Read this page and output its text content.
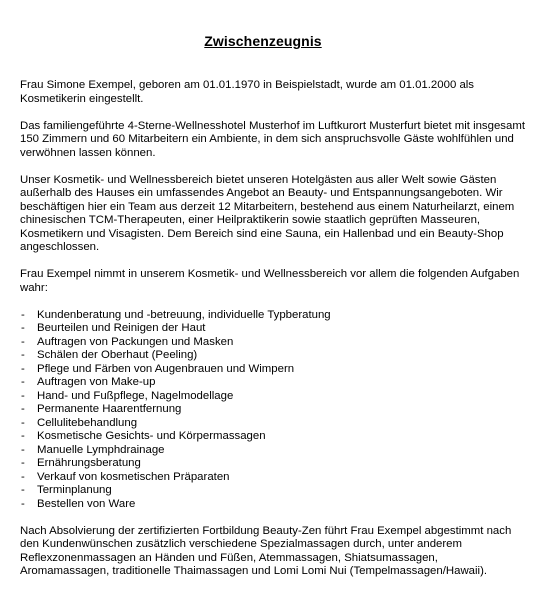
Zwischenzeugnis

Frau Simone Exempel, geboren am 01.01.1970 in Beispielstadt, wurde am 01.01.2000 als Kosmetikerin eingestellt.

Das familiengeführte 4-Sterne-Wellnesshotel Musterhof im Luftkurort Musterfurt bietet mit insgesamt 150 Zimmern und 60 Mitarbeitern ein Ambiente, in dem sich anspruchsvolle Gäste wohlfühlen und verwöhnen lassen können.

Unser Kosmetik- und Wellnessbereich bietet unseren Hotelgästen aus aller Welt sowie Gästen außerhalb des Hauses ein umfassendes Angebot an Beauty- und Entspannungsangeboten. Wir beschäftigen hier ein Team aus derzeit 12 Mitarbeitern, bestehend aus einem Naturheilarzt, einem chinesischen TCM-Therapeuten, einer Heilpraktikerin sowie staatlich geprüften Masseuren, Kosmetikern und Visagisten. Dem Bereich sind eine Sauna, ein Hallenbad und ein Beauty-Shop angeschlossen.

Frau Exempel nimmt in unserem Kosmetik- und Wellnessbereich vor allem die folgenden Aufgaben wahr:

- Kundenberatung und -betreuung, individuelle Typberatung
- Beurteilen und Reinigen der Haut
- Auftragen von Packungen und Masken
- Schälen der Oberhaut (Peeling)
- Pflege und Färben von Augenbrauen und Wimpern
- Auftragen von Make-up
- Hand- und Fußpflege, Nagelmodellage
- Permanente Haarentfernung
- Cellulitebehandlung
- Kosmetische Gesichts- und Körpermassagen
- Manuelle Lymphdrainage
- Ernährungsberatung
- Verkauf von kosmetischen Präparaten
- Terminplanung
- Bestellen von Ware

Nach Absolvierung der zertifizierten Fortbildung Beauty-Zen führt Frau Exempel abgestimmt nach den Kundenwünschen zusätzlich verschiedene Spezialmassagen durch, unter anderem Reflexzonenmassagen an Händen und Füßen, Atemmassagen, Shiatsumassagen, Aromamassagen, traditionelle Thaimassagen und Lomi Lomi Nui (Tempelmassagen/Hawaii).
